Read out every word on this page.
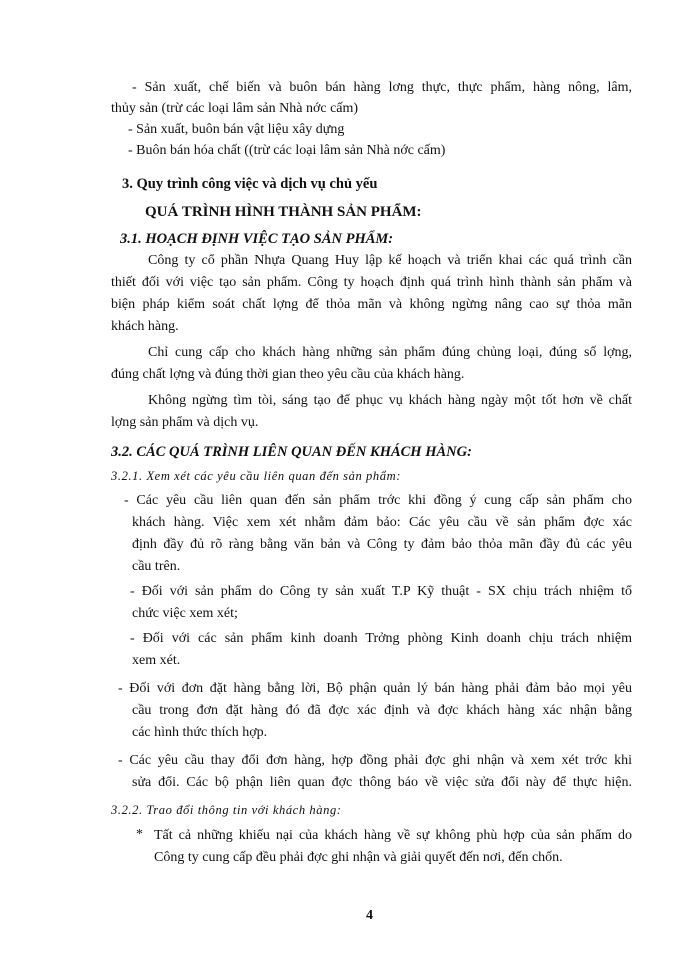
- Sản xuất, chế biến và buôn bán hàng lơng thực, thực phẩm, hàng nông, lâm,
thủy sản (trừ các loại lâm sản Nhà nớc cấm)
- Sản xuất, buôn bán vật liệu xây dựng
- Buôn bán hóa chất ((trừ các loại lâm sản Nhà nớc cấm)
3. Quy trình công việc và dịch vụ chủ yếu
QUÁ TRÌNH HÌNH THÀNH SẢN PHẨM:
3.1. HOẠCH ĐỊNH VIỆC TẠO SẢN PHẨM:
Công ty cổ phần Nhựa Quang Huy lập kế hoạch và triển khai các quá trình cần
thiết đối với việc tạo sản phẩm. Công ty hoạch định quá trình hình thành sản phẩm và
biện pháp kiểm soát chất lợng để thỏa mãn và không ngừng nâng cao sự thỏa mãn
khách hàng.
Chỉ cung cấp cho khách hàng những sản phẩm đúng chủng loại, đúng số lợng,
đúng chất lợng và đúng thời gian theo yêu cầu của khách hàng.
Không ngừng tìm tòi, sáng tạo để phục vụ khách hàng ngày một tốt hơn về chất
lợng sản phẩm và dịch vụ.
3.2. CÁC QUÁ TRÌNH LIÊN QUAN ĐẾN KHÁCH HÀNG:
3.2.1. Xem xét các yêu cầu liên quan đến sản phẩm:
- Các yêu cầu liên quan đến sản phẩm trớc khi đồng ý cung cấp sản phẩm cho
khách hàng. Việc xem xét nhằm đảm bảo: Các yêu cầu về sản phẩm đợc xác
định đầy đủ rõ ràng bằng văn bản và Công ty đảm bảo thỏa mãn đầy đủ các yêu
cầu trên.
- Đối với sản phẩm do Công ty sản xuất T.P Kỹ thuật - SX chịu trách nhiệm tổ
chức việc xem xét;
- Đối với các sản phẩm kinh doanh Trởng phòng Kinh doanh chịu trách nhiệm
xem xét.
- Đối với đơn đặt hàng bằng lời, Bộ phận quản lý bán hàng phải đảm bảo mọi yêu
cầu trong đơn đặt hàng đó đã đợc xác định và đợc khách hàng xác nhận bằng
các hình thức thích hợp.
- Các yêu cầu thay đổi đơn hàng, hợp đồng phải đợc ghi nhận và xem xét trớc khi
sửa đổi. Các bộ phận liên quan đợc thông báo về việc sửa đổi này để thực hiện.
3.2.2. Trao đổi thông tin với khách hàng:
* Tất cả những khiếu nại của khách hàng về sự không phù hợp của sản phẩm do
Công ty cung cấp đều phải đợc ghi nhận và giải quyết đến nơi, đến chốn.
4
